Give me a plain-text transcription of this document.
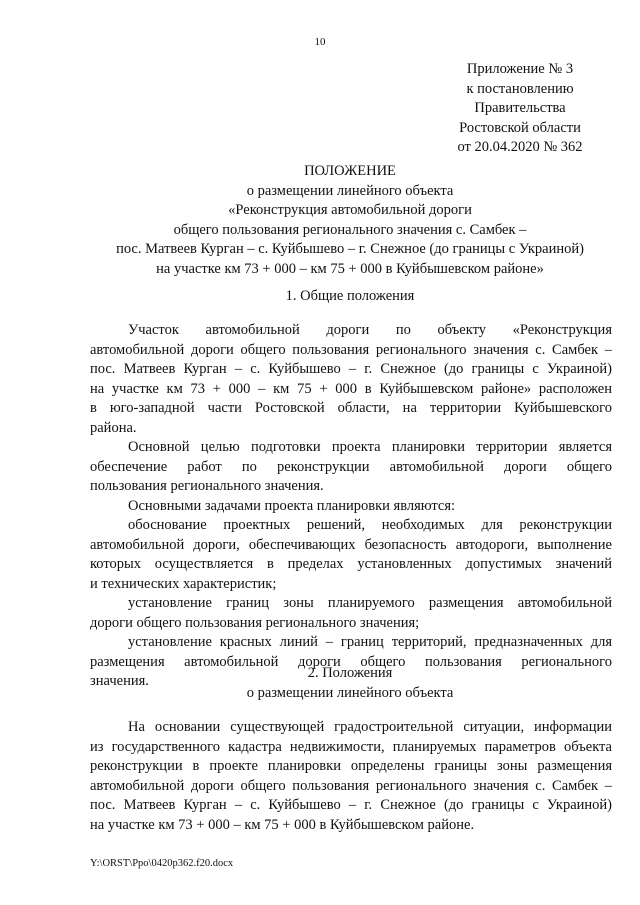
10
Приложение № 3
к постановлению
Правительства
Ростовской области
от 20.04.2020 № 362
ПОЛОЖЕНИЕ
о размещении линейного объекта
«Реконструкция автомобильной дороги
общего пользования регионального значения с. Самбек –
пос. Матвеев Курган – с. Куйбышево – г. Снежное (до границы с Украиной)
на участке км 73 + 000 – км 75 + 000 в Куйбышевском районе»
1. Общие положения
Участок автомобильной дороги по объекту «Реконструкция
автомобильной дороги общего пользования регионального значения с. Самбек –
пос. Матвеев Курган – с. Куйбышево – г. Снежное (до границы с Украиной)
на участке км 73 + 000 – км 75 + 000 в Куйбышевском районе» расположен
в юго-западной части Ростовской области, на территории Куйбышевского
района.
Основной целью подготовки проекта планировки территории является
обеспечение работ по реконструкции автомобильной дороги общего
пользования регионального значения.
Основными задачами проекта планировки являются:
обоснование проектных решений, необходимых для реконструкции
автомобильной дороги, обеспечивающих безопасность автодороги, выполнение
которых осуществляется в пределах установленных допустимых значений
и технических характеристик;
установление границ зоны планируемого размещения автомобильной
дороги общего пользования регионального значения;
установление красных линий – границ территорий, предназначенных для
размещения автомобильной дороги общего пользования регионального
значения.	2. Положения
о размещении линейного объекта
На основании существующей градостроительной ситуации, информации
из государственного кадастра недвижимости, планируемых параметров объекта
реконструкции в проекте планировки определены границы зоны размещения
автомобильной дороги общего пользования регионального значения с. Самбек –
пос. Матвеев Курган – с. Куйбышево – г. Снежное (до границы с Украиной)
на участке км 73 + 000 – км 75 + 000 в Куйбышевском районе.
Y:\ORST\Ppo\0420p362.f20.docx
